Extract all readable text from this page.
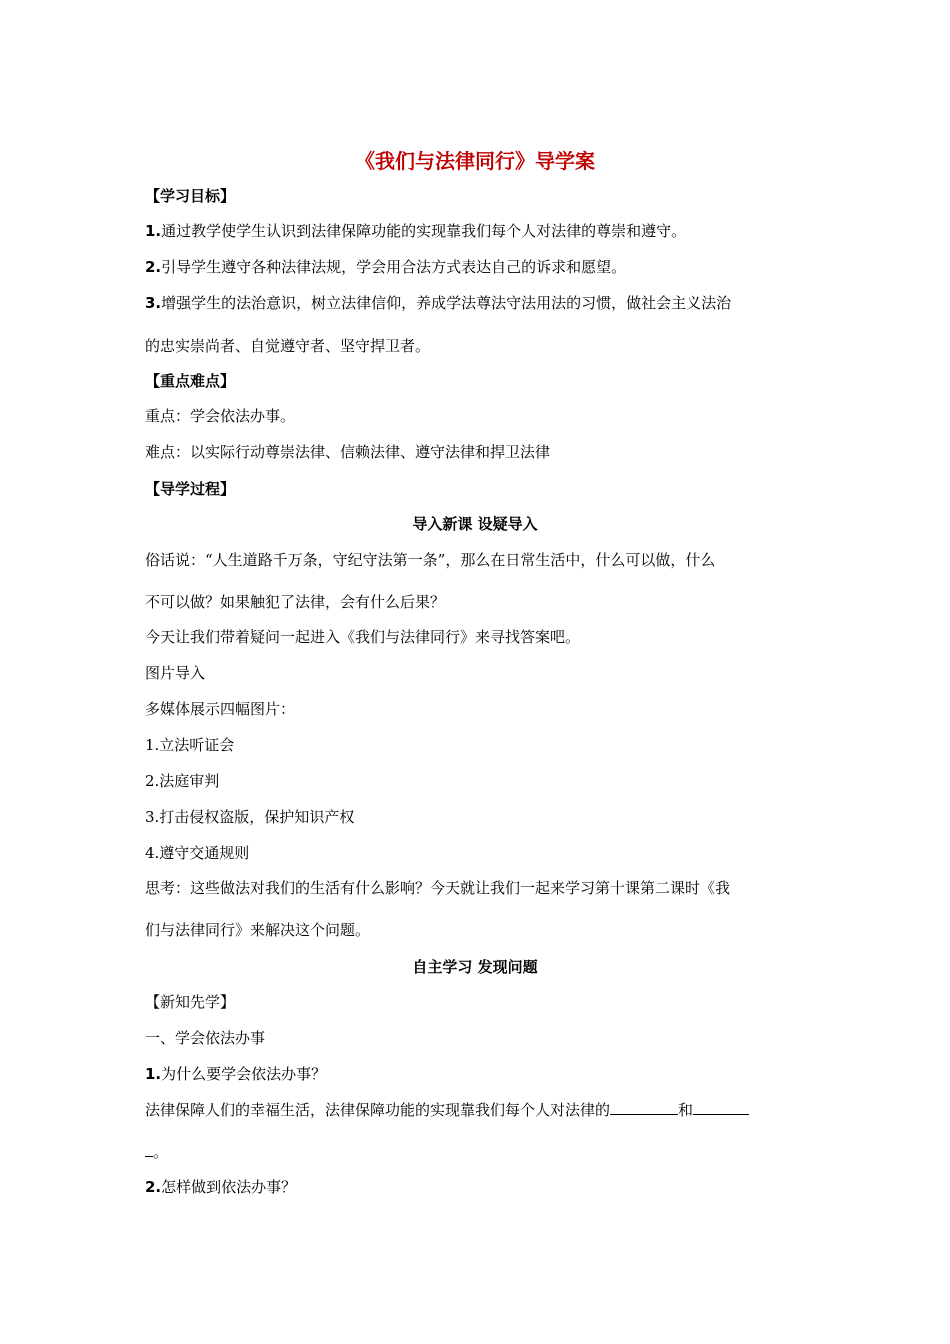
《我们与法律同行》导学案
【学习目标】
1.通过教学使学生认识到法律保障功能的实现靠我们每个人对法律的尊崇和遵守。
2.引导学生遵守各种法律法规，学会用合法方式表达自己的诉求和愿望。
3.增强学生的法治意识，树立法律信仰，养成学法尊法守法用法的习惯，做社会主义法治
的忠实崇尚者、自觉遵守者、坚守捍卫者。
【重点难点】
重点：学会依法办事。
难点：以实际行动尊崇法律、信赖法律、遵守法律和捍卫法律
【导学过程】
导入新课 设疑导入
俗话说：“人生道路千万条，守纪守法第一条”，那么在日常生活中，什么可以做，什么
不可以做？如果触犯了法律，会有什么后果？
今天让我们带着疑问一起进入《我们与法律同行》来寻找答案吧。
图片导入
多媒体展示四幅图片：
1.立法听证会
2.法庭审判
3.打击侵权盗版，保护知识产权
4.遵守交通规则
思考：这些做法对我们的生活有什么影响？今天就让我们一起来学习第十课第二课时《我
们与法律同行》来解决这个问题。
自主学习 发现问题
【新知先学】
一、学会依法办事
1.为什么要学会依法办事？
法律保障人们的幸福生活，法律保障功能的实现靠我们每个人对法律的	和
。
2.怎样做到依法办事？
